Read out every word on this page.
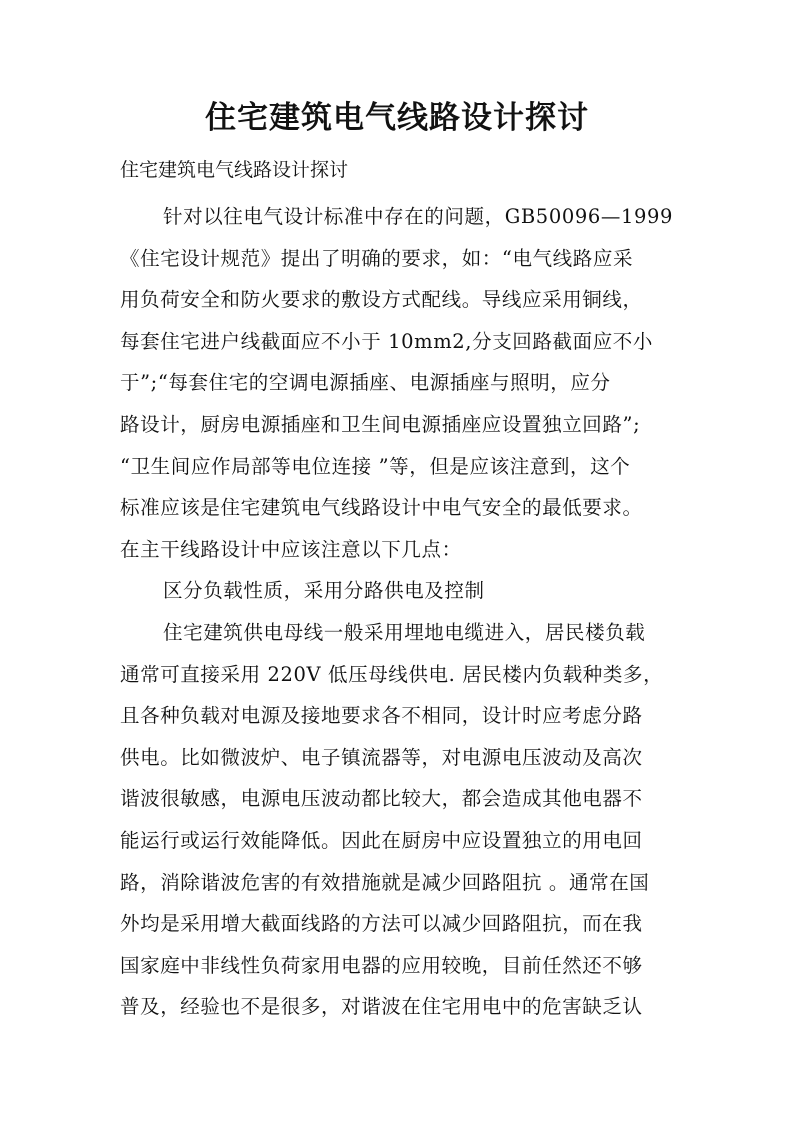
住宅建筑电气线路设计探讨

住宅建筑电气线路设计探讨

针对以往电气设计标准中存在的问题，GB50096—1999
《住宅设计规范》提出了明确的要求，如：“电气线路应采
用负荷安全和防火要求的敷设方式配线。导线应采用铜线，
每套住宅进户线截面应不小于 10mm2,分支回路截面应不小
于”;“每套住宅的空调电源插座、电源插座与照明，应分
路设计，厨房电源插座和卫生间电源插座应设置独立回路”;
“卫生间应作局部等电位连接 ”等，但是应该注意到，这个
标准应该是住宅建筑电气线路设计中电气安全的最低要求。
在主干线路设计中应该注意以下几点：
区分负载性质，采用分路供电及控制
住宅建筑供电母线一般采用埋地电缆进入，居民楼负载
通常可直接采用 220V 低压母线供电. 居民楼内负载种类多，
且各种负载对电源及接地要求各不相同，设计时应考虑分路
供电。比如微波炉、电子镇流器等，对电源电压波动及高次
谐波很敏感，电源电压波动都比较大，都会造成其他电器不
能运行或运行效能降低。因此在厨房中应设置独立的用电回
路，消除谐波危害的有效措施就是减少回路阻抗 。通常在国
外均是采用增大截面线路的方法可以减少回路阻抗，而在我
国家庭中非线性负荷家用电器的应用较晚，目前任然还不够
普及，经验也不是很多，对谐波在住宅用电中的危害缺乏认
